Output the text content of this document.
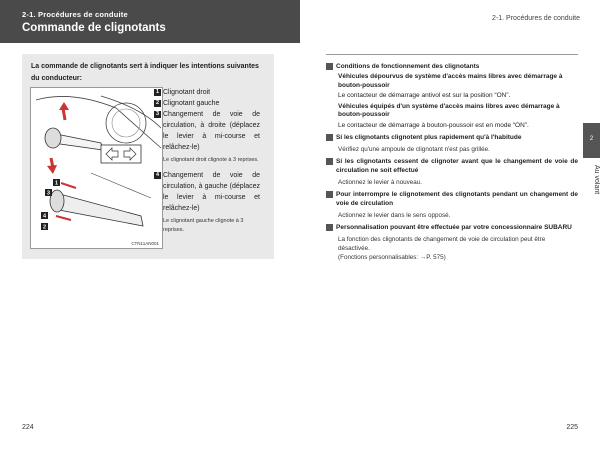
2-1. Procédures de conduite
Commande de clignotants
2-1. Procédures de conduite
La commande de clignotants sert à indiquer les intentions suivantes du conducteur:
1
3
4
2
CTN11AN001
1 Clignotant droit
2 Clignotant gauche
3 Changement de voie de circulation, à droite (déplacez le levier à mi-course et relâchez-le)
Le clignotant droit clignote à 3 reprises.
4 Changement de voie de circulation, à gauche (déplacez le levier à mi-course et relâchez-le)
Le clignotant gauche clignote à 3 reprises.
Conditions de fonctionnement des clignotants

Véhicules dépourvus de système d'accès mains libres avec démarrage à bouton-poussoir

Le contacteur de démarrage antivol est sur la position “ON”.

Véhicules équipés d'un système d'accès mains libres avec démarrage à bouton-poussoir

Le contacteur de démarrage à bouton-poussoir est en mode “ON”.

Si les clignotants clignotent plus rapidement qu'à l'habitude
Vérifiez qu'une ampoule de clignotant n'est pas grillée.
Si les clignotants cessent de clignoter avant que le changement de voie de circulation ne soit effectué
Actionnez le levier à nouveau.
Pour interrompre le clignotement des clignotants pendant un changement de voie de circulation
Actionnez le levier dans le sens opposé.
Personnalisation pouvant être effectuée par votre concessionnaire SUBARU
La fonction des clignotants de changement de voie de circulation peut être désactivée.
(Fonctions personnalisables: →P. 575)
2
Au volant
224	225
